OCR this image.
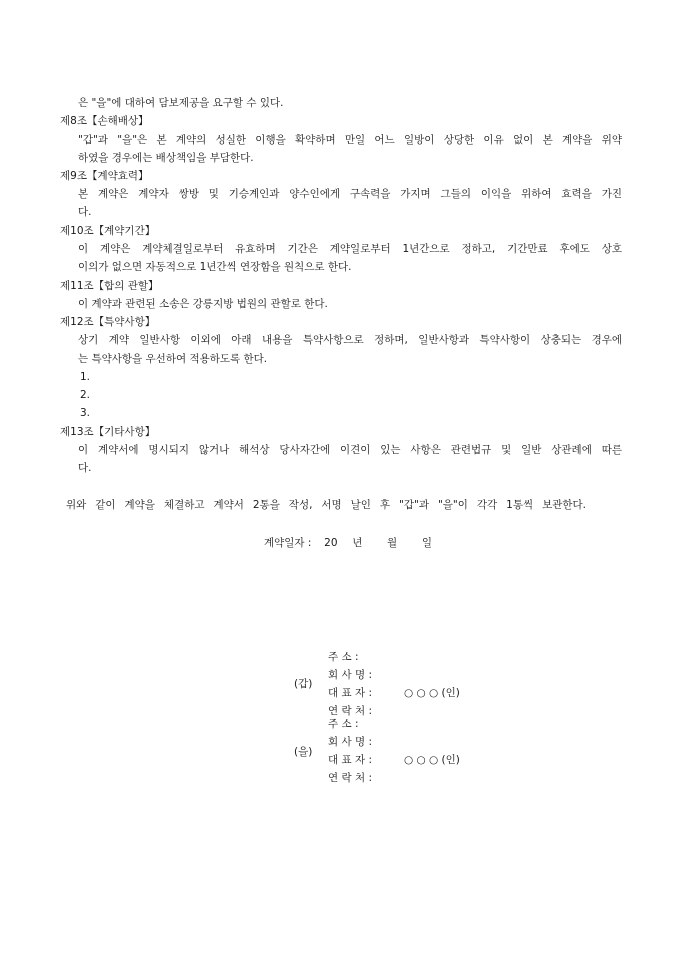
은 "을"에 대하여 담보제공을 요구할 수 있다.
제8조【손해배상】
"갑"과 "을"은 본 계약의 성실한 이행을 확약하며 만일 어느 일방이 상당한 이유 없이 본 계약을 위약
하였을 경우에는 배상책임을 부담한다.
제9조【계약효력】
본 계약은 계약자 쌍방 및 기승계인과 양수인에게 구속력을 가지며 그들의 이익을 위하여 효력을 가진
다.
제10조【계약기간】
이 계약은 계약체결일로부터 유효하며 기간은 계약일로부터 1년간으로 정하고, 기간만료 후에도 상호
이의가 없으면 자동적으로 1년간씩 연장함을 원칙으로 한다.
제11조【합의 관할】
이 계약과 관련된 소송은 강릉지방 법원의 관할로 한다.
제12조【특약사항】
상기 계약 일반사항 이외에 아래 내용을 특약사항으로 정하며, 일반사항과 특약사항이 상충되는 경우에
는 특약사항을 우선하여 적용하도록 한다.
1.
2.
3.
제13조【기타사항】
이 계약서에 명시되지 않거나 해석상 당사자간에 이견이 있는 사항은 관련법규 및 일반 상관례에 따른
다.
위와 같이 계약을 체결하고 계약서 2통을 작성, 서명 날인 후 "갑"과 "을"이 각각 1통씩 보관한다.
계약일자 : 20 년 월 일
(갑)
주 소 :
회 사 명 :
대 표 자 :	○ ○ ○ (인)
연 락 처 :
(을)
주 소 :
회 사 명 :
대 표 자 :	○ ○ ○ (인)
연 락 처 :
